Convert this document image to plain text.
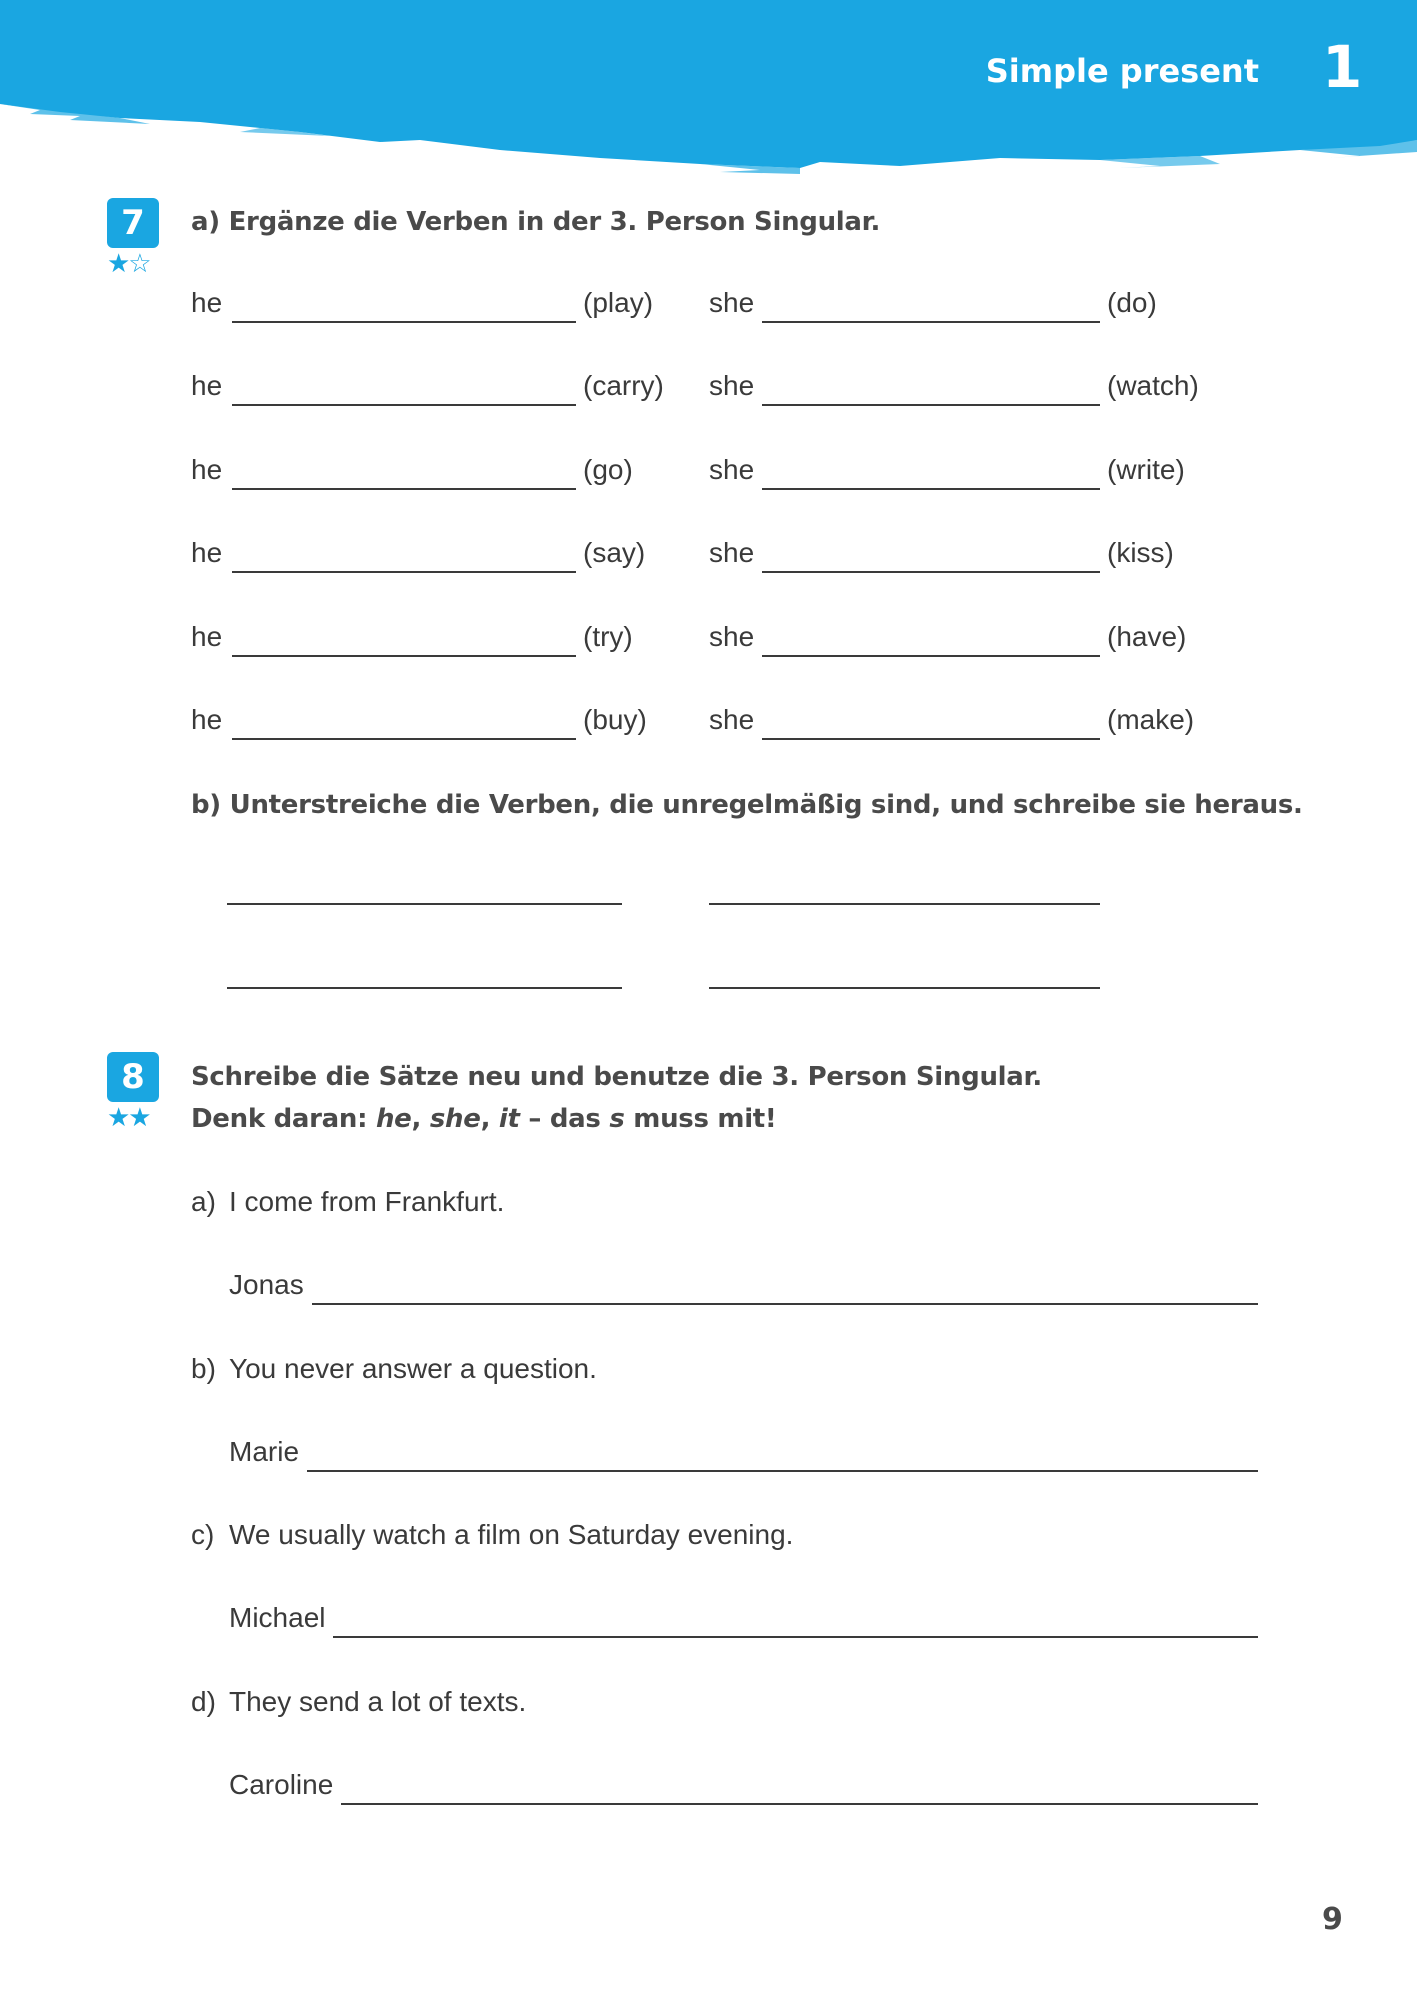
Simple present 1
7
★☆
a) Ergänze die Verben in der 3. Person Singular.
he	(play) she	(do)
he	(carry) she	(watch)
he	(go)	she	(write)
he	(say) she	(kiss)
he	(try)	she	(have)
he	(buy) she	(make)
b) Unterstreiche die Verben, die unregelmäßig sind, und schreibe sie heraus.
8
★★
Schreibe die Sätze neu und benutze die 3. Person Singular.
Denk daran: he, she, it – das s muss mit!
a) I come from Frankfurt.
Jonas
b) You never answer a question.
Marie
c) We usually watch a film on Saturday evening.
Michael
d) They send a lot of texts.
Caroline
9
